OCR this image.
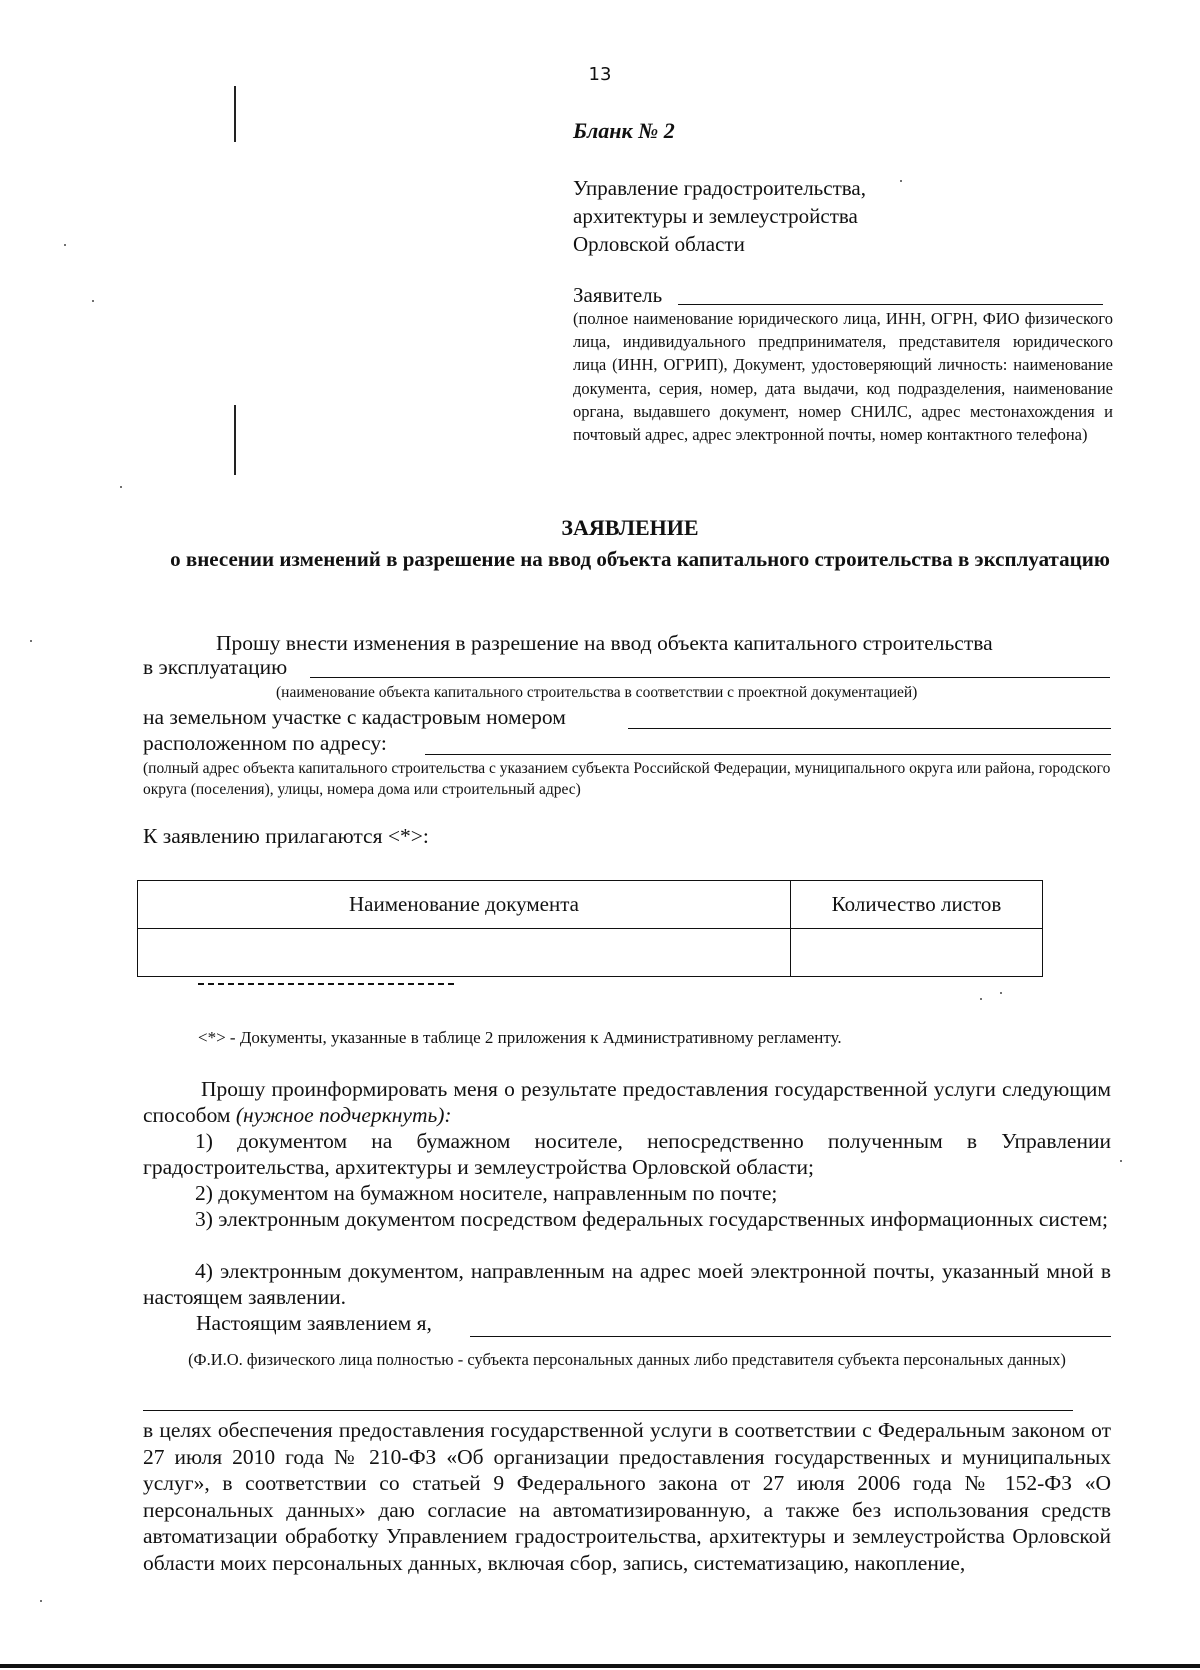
13
Бланк № 2
Управление градостроительства,
архитектуры и землеустройства
Орловской области
Заявитель
(полное наименование юридического лица, ИНН, ОГРН, ФИО физического лица, индивидуального предпринимателя, представителя юридического лица (ИНН, ОГРИП), Документ, удостоверяющий личность: наименование документа, серия, номер, дата выдачи, код подразделения, наименование органа, выдавшего документ, номер СНИЛС, адрес местонахождения и почтовый адрес, адрес электронной почты, номер контактного телефона)
ЗАЯВЛЕНИЕ
о внесении изменений в разрешение на ввод объекта капитального строительства в эксплуатацию
Прошу внести изменения в разрешение на ввод объекта капитального строительства
в эксплуатацию
(наименование объекта капитального строительства в соответствии с проектной документацией)
на земельном участке с кадастровым номером
расположенном по адресу:
(полный адрес объекта капитального строительства с указанием субъекта Российской Федерации, муниципального округа или района, городского округа (поселения), улицы, номера дома или строительный адрес)
К заявлению прилагаются <*>:
Наименование документа	Количество листов

<*> - Документы, указанные в таблице 2 приложения к Административному регламенту.
Прошу проинформировать меня о результате предоставления государственной услуги следующим способом (нужное подчеркнуть):
1) документом на бумажном носителе, непосредственно полученным в Управлении градостроительства, архитектуры и землеустройства Орловской области;
2) документом на бумажном носителе, направленным по почте;
3) электронным документом посредством федеральных государственных информационных систем;
4) электронным документом, направленным на адрес моей электронной почты, указанный мной в настоящем заявлении.
Настоящим заявлением я,
(Ф.И.О. физического лица полностью - субъекта персональных данных либо представителя субъекта персональных данных)
в целях обеспечения предоставления государственной услуги в соответствии с Федеральным законом от 27 июля 2010 года № 210-ФЗ «Об организации предоставления государственных и муниципальных услуг», в соответствии со статьей 9 Федерального закона от 27 июля 2006 года № 152-ФЗ «О персональных данных» даю согласие на автоматизированную, а также без использования средств автоматизации обработку Управлением градостроительства, архитектуры и землеустройства Орловской области моих персональных данных, включая сбор, запись, систематизацию, накопление,
